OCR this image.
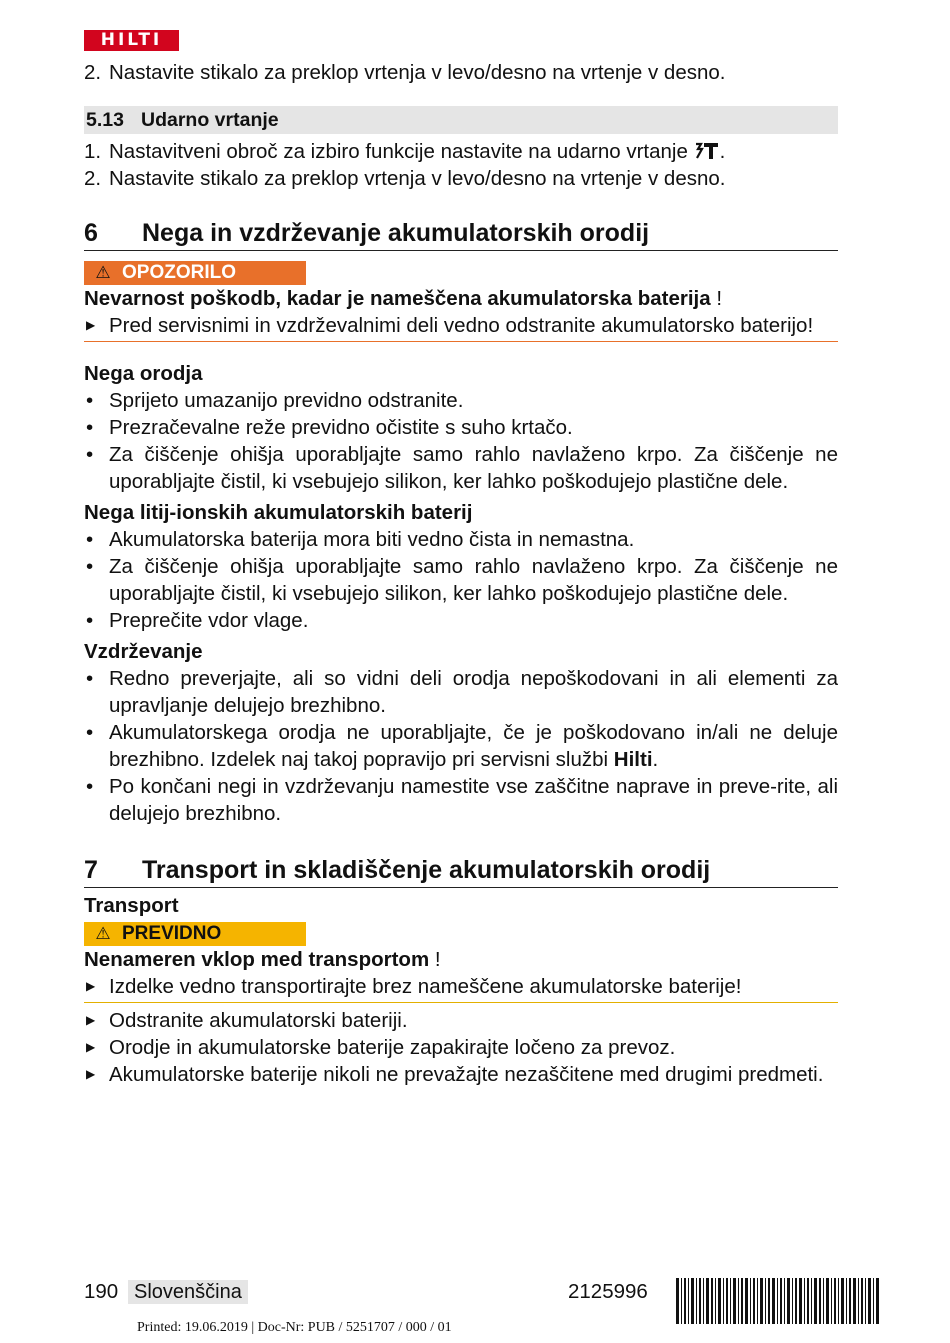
HILTI
2. Nastavite stikalo za preklop vrtenja v levo/desno na vrtenje v desno.
5.13 Udarno vrtanje
1. Nastavitveni obroč za izbiro funkcije nastavite na udarno vrtanje .
2. Nastavite stikalo za preklop vrtenja v levo/desno na vrtenje v desno.
6	Nega in vzdrževanje akumulatorskih orodij
⚠ OPOZORILO
Nevarnost poškodb, kadar je nameščena akumulatorska baterija !
▶ Pred servisnimi in vzdrževalnimi deli vedno odstranite akumulatorsko baterijo!
Nega orodja
• Sprijeto umazanijo previdno odstranite.
• Prezračevalne reže previdno očistite s suho krtačo.
• Za čiščenje ohišja uporabljajte samo rahlo navlaženo krpo. Za čiščenje ne uporabljajte čistil, ki vsebujejo silikon, ker lahko poškodujejo plastične dele.
Nega litij-ionskih akumulatorskih baterij
• Akumulatorska baterija mora biti vedno čista in nemastna.
• Za čiščenje ohišja uporabljajte samo rahlo navlaženo krpo. Za čiščenje ne uporabljajte čistil, ki vsebujejo silikon, ker lahko poškodujejo plastične dele.
• Preprečite vdor vlage.
Vzdrževanje
• Redno preverjajte, ali so vidni deli orodja nepoškodovani in ali elementi za upravljanje delujejo brezhibno.
• Akumulatorskega orodja ne uporabljajte, če je poškodovano in/ali ne deluje brezhibno. Izdelek naj takoj popravijo pri servisni službi Hilti.
• Po končani negi in vzdrževanju namestite vse zaščitne naprave in preve-rite, ali delujejo brezhibno.
7	Transport in skladiščenje akumulatorskih orodij
Transport
⚠ PREVIDNO
Nenameren vklop med transportom !
▶ Izdelke vedno transportirajte brez nameščene akumulatorske baterije!
▶ Odstranite akumulatorski bateriji.
▶ Orodje in akumulatorske baterije zapakirajte ločeno za prevoz.
▶ Akumulatorske baterije nikoli ne prevažajte nezaščitene med drugimi predmeti.
190 Slovenščina	2125996
Printed: 19.06.2019 | Doc-Nr: PUB / 5251707 / 000 / 01
